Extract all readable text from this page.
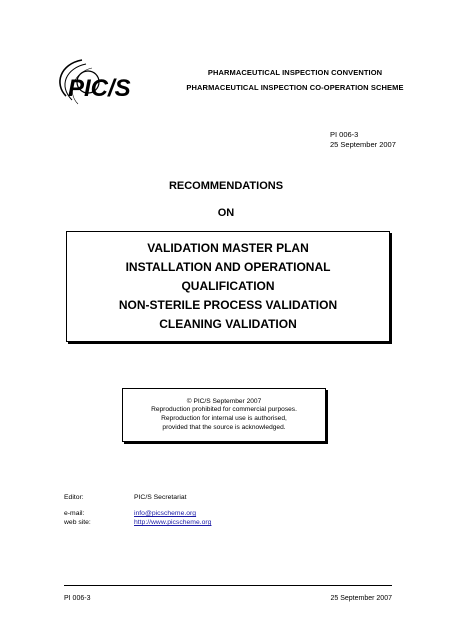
PIC/S
PHARMACEUTICAL INSPECTION CONVENTION
PHARMACEUTICAL INSPECTION CO-OPERATION SCHEME
PI 006-3
25 September 2007
RECOMMENDATIONS
ON
VALIDATION MASTER PLAN
INSTALLATION AND OPERATIONAL
QUALIFICATION
NON-STERILE PROCESS VALIDATION
CLEANING VALIDATION
© PIC/S September 2007
Reproduction prohibited for commercial purposes.
Reproduction for internal use is authorised,
provided that the source is acknowledged.
Editor:	PIC/S Secretariat
e-mail:	info@picscheme.org
web site:	http://www.picscheme.org
PI 006-3	25 September 2007
